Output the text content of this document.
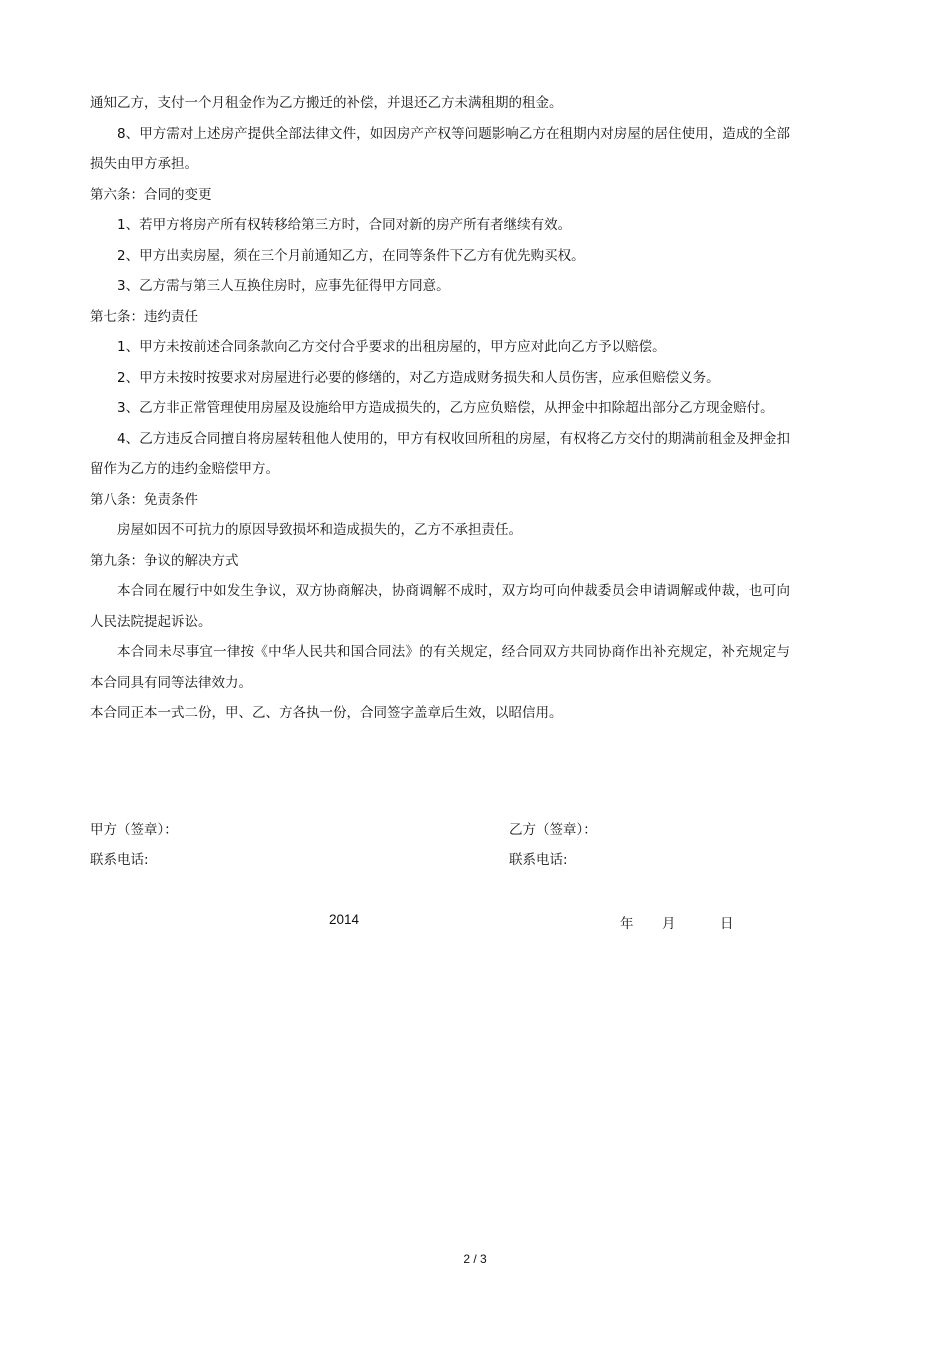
通知乙方，支付一个月租金作为乙方搬迁的补偿，并退还乙方未满租期的租金。

8、甲方需对上述房产提供全部法律文件，如因房产产权等问题影响乙方在租期内对房屋的居住使用，造成的全部损失由甲方承担。

第六条：合同的变更

1、若甲方将房产所有权转移给第三方时，合同对新的房产所有者继续有效。

2、甲方出卖房屋，须在三个月前通知乙方，在同等条件下乙方有优先购买权。

3、乙方需与第三人互换住房时，应事先征得甲方同意。

第七条：违约责任

1、甲方未按前述合同条款向乙方交付合乎要求的出租房屋的，甲方应对此向乙方予以赔偿。

2、甲方未按时按要求对房屋进行必要的修缮的，对乙方造成财务损失和人员伤害，应承但赔偿义务。

3、乙方非正常管理使用房屋及设施给甲方造成损失的，乙方应负赔偿，从押金中扣除超出部分乙方现金赔付。

4、乙方违反合同擅自将房屋转租他人使用的，甲方有权收回所租的房屋，有权将乙方交付的期满前租金及押金扣留作为乙方的违约金赔偿甲方。

第八条：免责条件

房屋如因不可抗力的原因导致损坏和造成损失的，乙方不承担责任。

第九条：争议的解决方式

本合同在履行中如发生争议，双方协商解决，协商调解不成时，双方均可向仲裁委员会申请调解或仲裁，也可向人民法院提起诉讼。

本合同未尽事宜一律按《中华人民共和国合同法》的有关规定，经合同双方共同协商作出补充规定，补充规定与本合同具有同等法律效力。

本合同正本一式二份，甲、乙、方各执一份，合同签字盖章后生效，以昭信用。

甲方（签章）：

联系电话:

乙方（签章）：

联系电话:

2014	年 月	日
2 / 3
